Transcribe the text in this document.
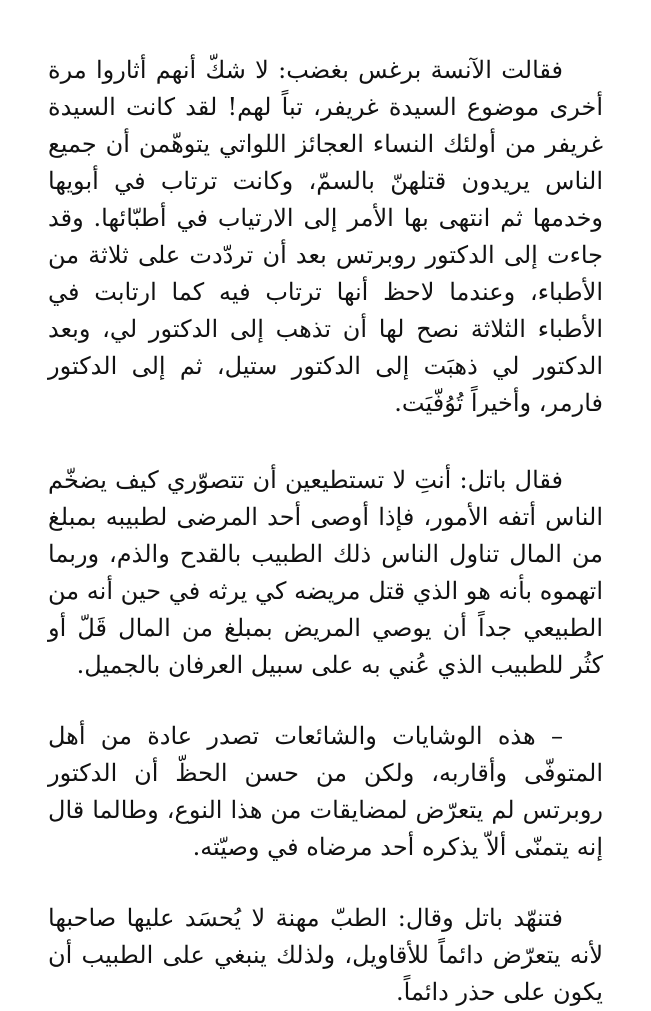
فقالت الآنسة برغس بغضب: لا شكّ أنهم أثاروا مرة أخرى موضوع السيدة غريفر، تباً لهم! لقد كانت السيدة غريفر من أولئك النساء العجائز اللواتي يتوهّمن أن جميع الناس يريدون قتلهنّ بالسمّ، وكانت ترتاب في أبويها وخدمها ثم انتهى بها الأمر إلى الارتياب في أطبّائها. وقد جاءت إلى الدكتور روبرتس بعد أن تردّدت على ثلاثة من الأطباء، وعندما لاحظ أنها ترتاب فيه كما ارتابت في الأطباء الثلاثة نصح لها أن تذهب إلى الدكتور لي، وبعد الدكتور لي ذهبَت إلى الدكتور ستيل، ثم إلى الدكتور فارمر، وأخيراً تُوُفّيَت.

فقال باتل: أنتِ لا تستطيعين أن تتصوّري كيف يضخّم الناس أتفه الأمور، فإذا أوصى أحد المرضى لطبيبه بمبلغ من المال تناول الناس ذلك الطبيب بالقدح والذم، وربما اتهموه بأنه هو الذي قتل مريضه كي يرثه في حين أنه من الطبيعي جداً أن يوصي المريض بمبلغ من المال قَلّ أو كثُر للطبيب الذي عُني به على سبيل العرفان بالجميل.

– هذه الوشايات والشائعات تصدر عادة من أهل المتوفّى وأقاربه، ولكن من حسن الحظّ أن الدكتور روبرتس لم يتعرّض لمضايقات من هذا النوع، وطالما قال إنه يتمنّى ألاّ يذكره أحد مرضاه في وصيّته.

فتنهّد باتل وقال: الطبّ مهنة لا يُحسَد عليها صاحبها لأنه يتعرّض دائماً للأقاويل، ولذلك ينبغي على الطبيب أن يكون على حذر دائماً.
